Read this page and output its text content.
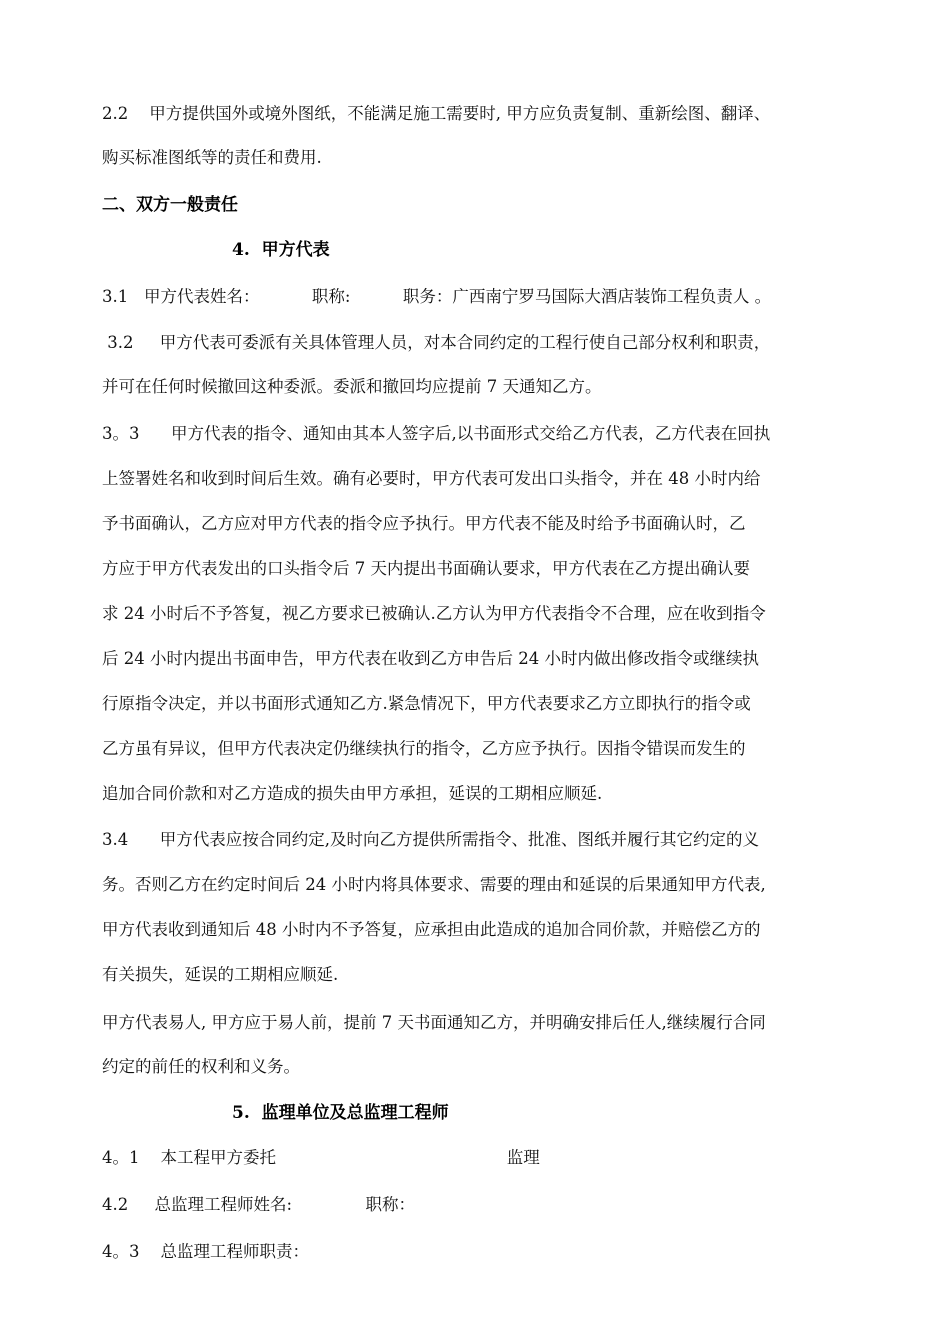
2.2    甲方提供国外或境外图纸，不能满足施工需要时, 甲方应负责复制、重新绘图、翻译、
购买标准图纸等的责任和费用.
二、双方一般责任
4.  甲方代表
3.1   甲方代表姓名：          职称:          职务：广西南宁罗马国际大酒店装饰工程负责人 。
3.2     甲方代表可委派有关具体管理人员，对本合同约定的工程行使自己部分权利和职责，
并可在任何时候撤回这种委派。委派和撤回均应提前 7 天通知乙方。
3。3      甲方代表的指令、通知由其本人签字后,以书面形式交给乙方代表，乙方代表在回执
上签署姓名和收到时间后生效。确有必要时，甲方代表可发出口头指令，并在 48 小时内给
予书面确认，乙方应对甲方代表的指令应予执行。甲方代表不能及时给予书面确认时，乙
方应于甲方代表发出的口头指令后 7 天内提出书面确认要求，甲方代表在乙方提出确认要
求 24 小时后不予答复，视乙方要求已被确认.乙方认为甲方代表指令不合理，应在收到指令
后 24 小时内提出书面申告，甲方代表在收到乙方申告后 24 小时内做出修改指令或继续执
行原指令决定，并以书面形式通知乙方.紧急情况下，甲方代表要求乙方立即执行的指令或
乙方虽有异议，但甲方代表决定仍继续执行的指令，乙方应予执行。因指令错误而发生的
追加合同价款和对乙方造成的损失由甲方承担，延误的工期相应顺延.
3.4      甲方代表应按合同约定,及时向乙方提供所需指令、批准、图纸并履行其它约定的义
务。否则乙方在约定时间后 24 小时内将具体要求、需要的理由和延误的后果通知甲方代表,
甲方代表收到通知后 48 小时内不予答复，应承担由此造成的追加合同价款，并赔偿乙方的
有关损失，延误的工期相应顺延.
甲方代表易人, 甲方应于易人前，提前 7 天书面通知乙方，并明确安排后任人,继续履行合同
约定的前任的权利和义务。
5.  监理单位及总监理工程师
4。1    本工程甲方委托                                            监理
4.2     总监理工程师姓名:              职称：
4。3    总监理工程师职责：
